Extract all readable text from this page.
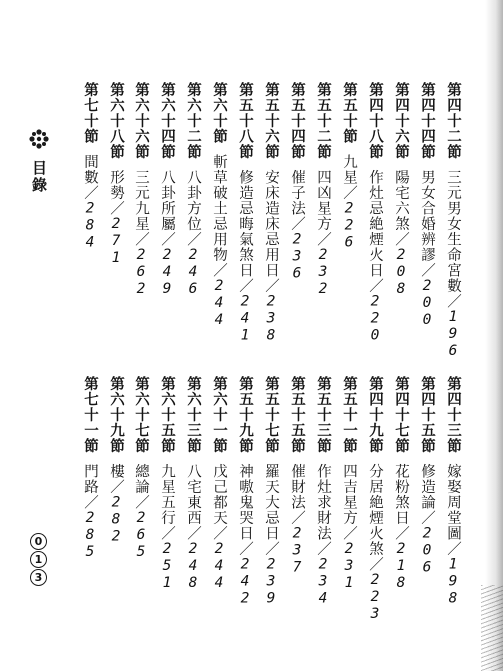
目錄
第四十二節三元男女生命宮數／196
第四十四節男女合婚辨謬／200
第四十六節陽宅六煞／208
第四十八節作灶忌絶煙火日／220
第五十節九星／226
第五十二節四凶星方／232
第五十四節催子法／236
第五十六節安床造床忌用日／238
第五十八節修造忌晦氣煞日／241
第六十節斬草破土忌用物／244
第六十二節八卦方位／246
第六十四節八卦所屬／249
第六十六節三元九星／262
第六十八節形勢／271
第七十節間數／284
第四十三節嫁娶周堂圖／198
第四十五節修造論／206
第四十七節花粉煞日／218
第四十九節分居絶煙火煞／223
第五十一節四吉星方／231
第五十三節作灶求財法／234
第五十五節催財法／237
第五十七節羅天大忌日／239
第五十九節神嗷鬼哭日／242
第六十一節戊己都天／244
第六十三節八宅東西／248
第六十五節九星五行／251
第六十七節總論／265
第六十九節樓／282
第七十一節門路／285
0
1
3
